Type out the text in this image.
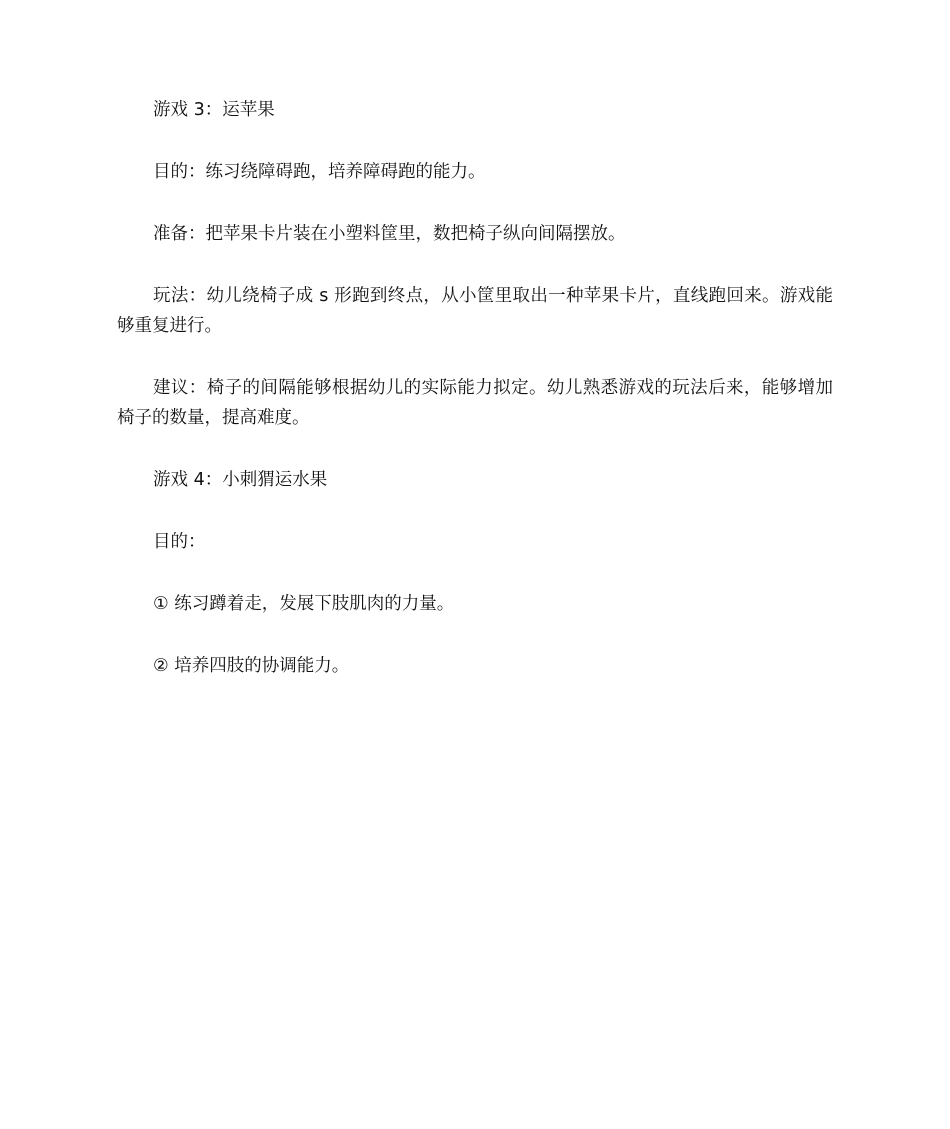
游戏 3：运苹果

目的：练习绕障碍跑，培养障碍跑的能力。

准备：把苹果卡片装在小塑料筐里，数把椅子纵向间隔摆放。

玩法：幼儿绕椅子成 s 形跑到终点，从小筐里取出一种苹果卡片，直线跑回来。游戏能够重复进行。

建议：椅子的间隔能够根据幼儿的实际能力拟定。幼儿熟悉游戏的玩法后来，能够增加椅子的数量，提高难度。

游戏 4：小刺猬运水果

目的：

① 练习蹲着走，发展下肢肌肉的力量。

② 培养四肢的协调能力。
